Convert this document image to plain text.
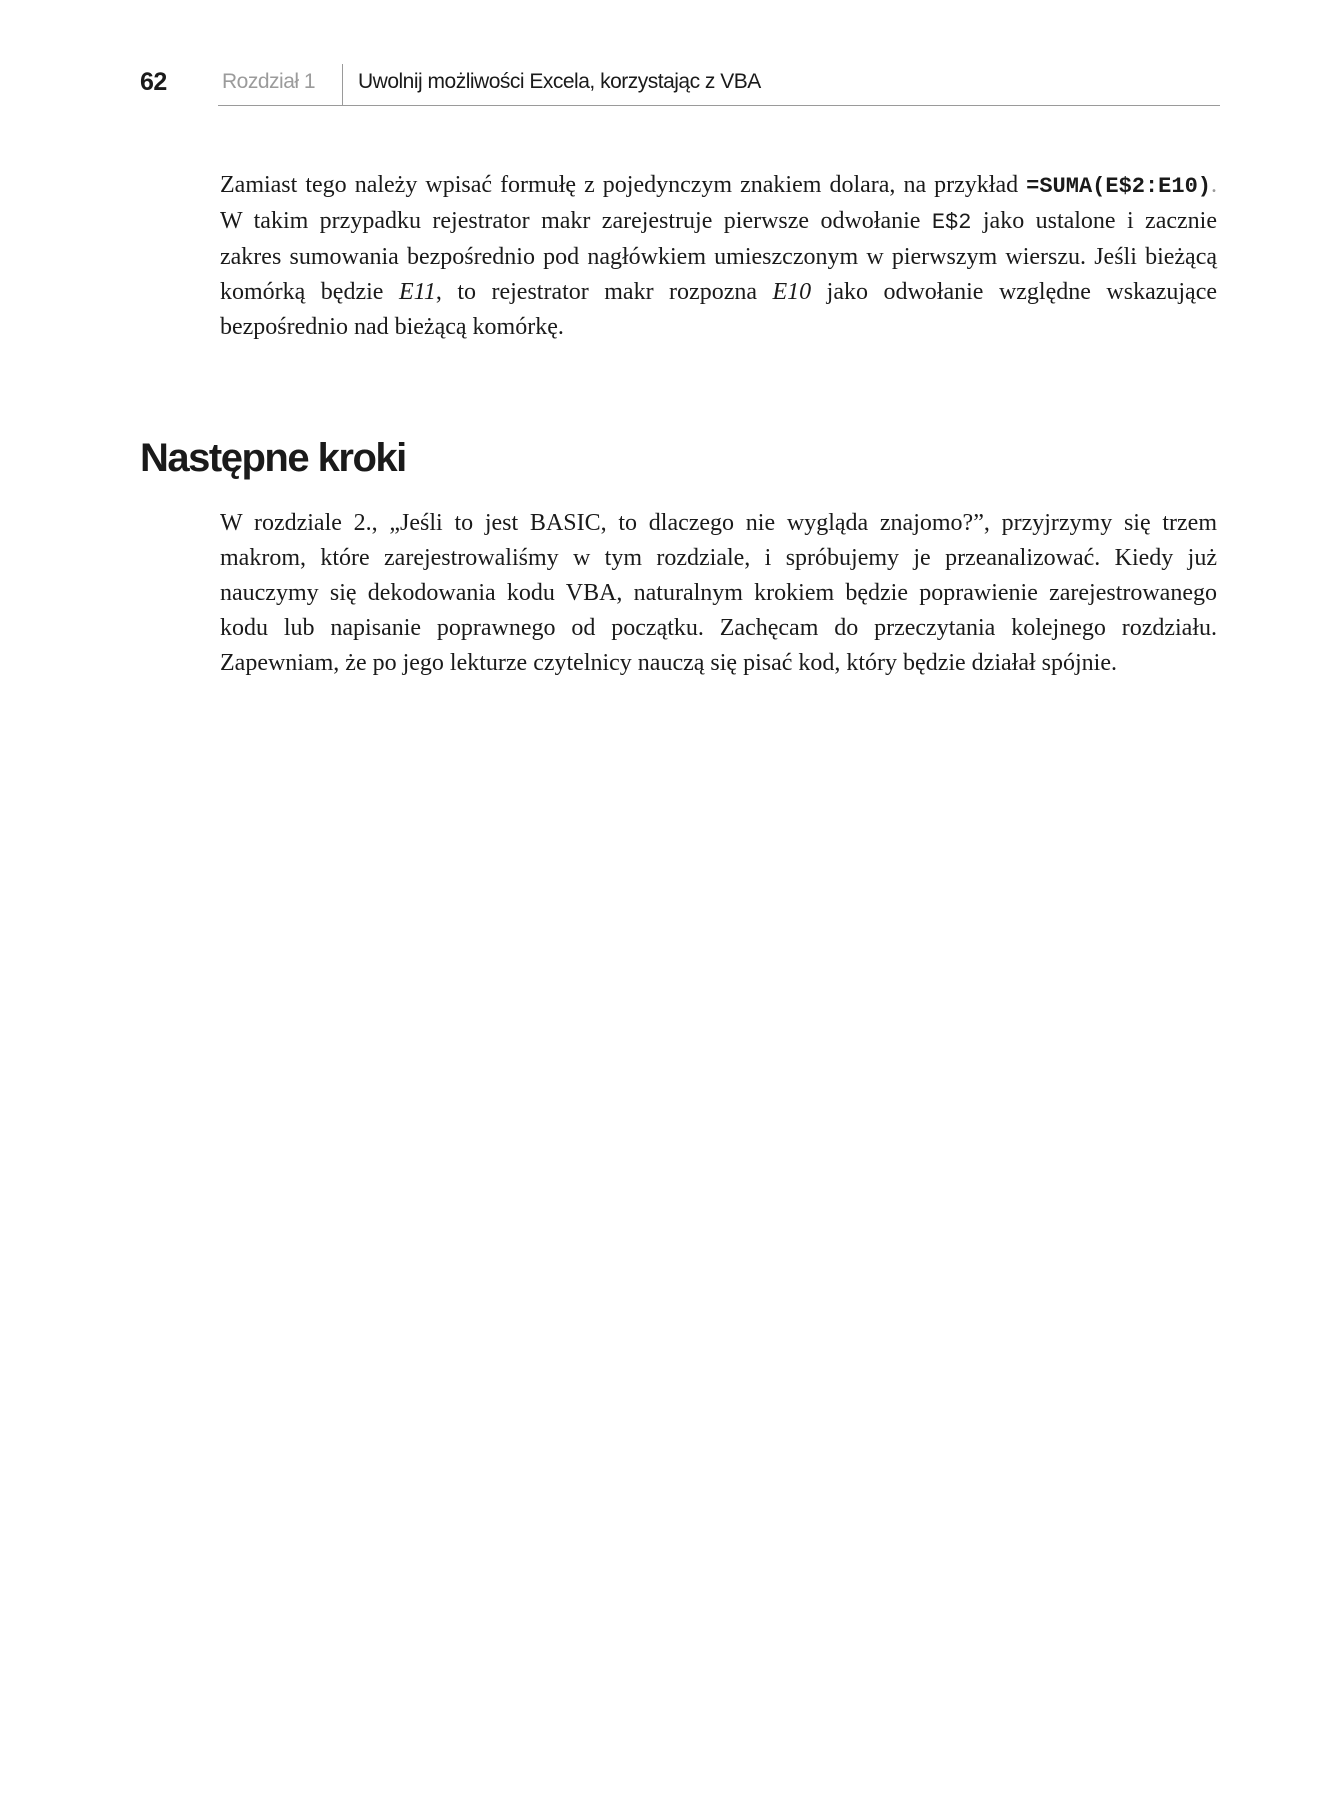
62	Rozdział 1 Uwolnij możliwości Excela, korzystając z VBA

Zamiast tego należy wpisać formułę z pojedynczym znakiem dolara, na przykład =SUMA(E$2:E10). W takim przypadku rejestrator makr zarejestruje pierwsze odwołanie E$2 jako ustalone i zacznie zakres sumowania bezpośrednio pod nagłówkiem umieszczonym w pierwszym wierszu. Jeśli bieżącą komórką będzie E11, to rejestrator makr rozpozna E10 jako odwołanie względne wskazujące bezpośrednio nad bieżącą komórkę.

Następne kroki

W rozdziale 2., „Jeśli to jest BASIC, to dlaczego nie wygląda znajomo?”, przyjrzymy się trzem makrom, które zarejestrowaliśmy w tym rozdziale, i spróbujemy je przeanalizować. Kiedy już nauczymy się dekodowania kodu VBA, naturalnym krokiem będzie poprawienie zarejestrowanego kodu lub napisanie poprawnego od początku. Zachęcam do przeczytania kolejnego rozdziału. Zapewniam, że po jego lekturze czytelnicy nauczą się pisać kod, który będzie działał spójnie.
